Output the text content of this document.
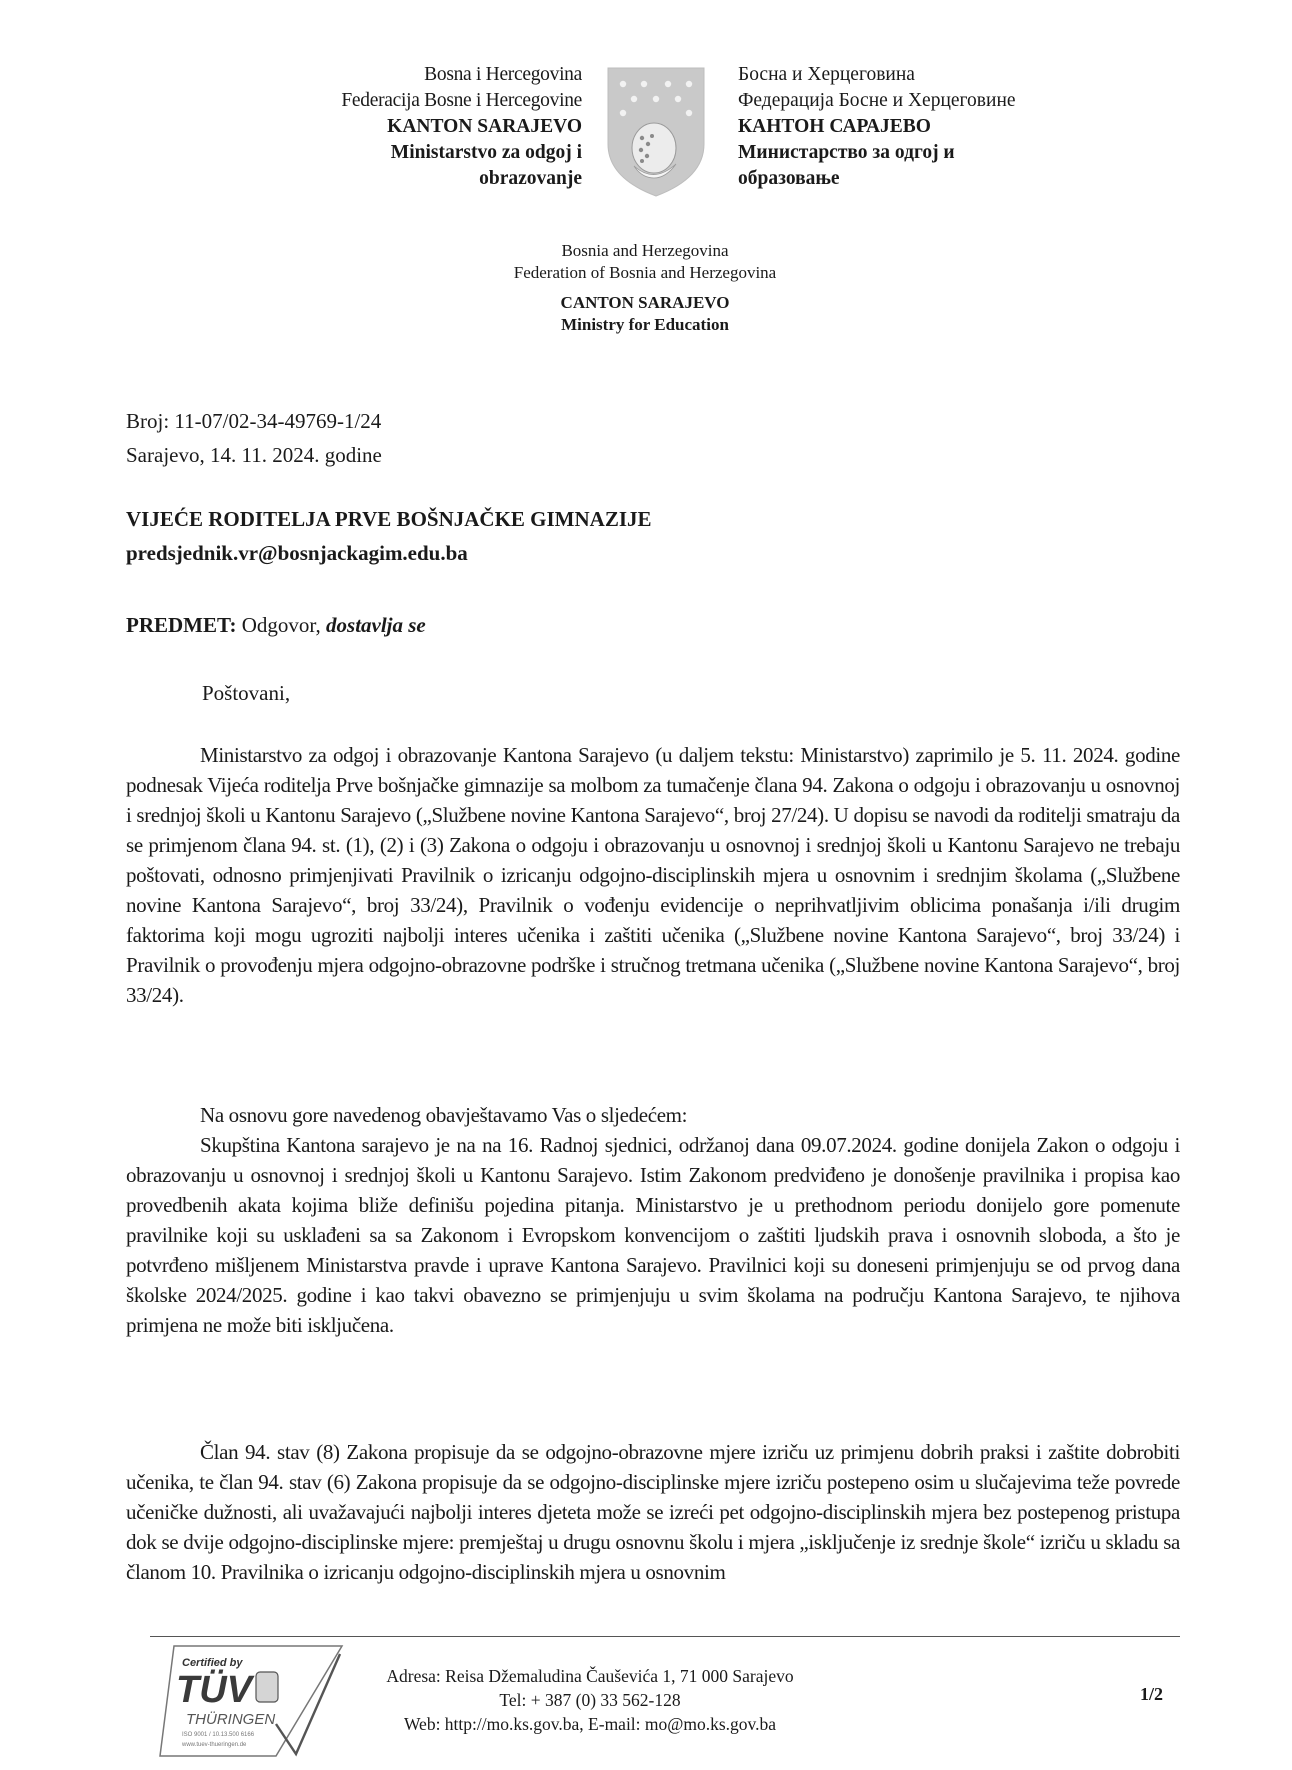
Bosna i Hercegovina
Federacija Bosne i Hercegovine
KANTON SARAJEVO
Ministarstvo za odgoj i
obrazovanje
Босна и Херцеговина
Федерација Босне и Херцеговине
КАНТОН САРАЈЕВО
Министарство за одгој и
образовање
Bosnia and Herzegovina
Federation of Bosnia and Herzegovina
CANTON SARAJEVO
Ministry for Education
Broj: 11-07/02-34-49769-1/24
Sarajevo, 14. 11. 2024. godine
VIJEĆE RODITELJA PRVE BOŠNJAČKE GIMNAZIJE
predsjednik.vr@bosnjackagim.edu.ba
PREDMET: Odgovor, dostavlja se
Poštovani,

Ministarstvo za odgoj i obrazovanje Kantona Sarajevo (u daljem tekstu: Ministarstvo) zaprimilo je 5. 11. 2024. godine podnesak Vijeća roditelja Prve bošnjačke gimnazije sa molbom za tumačenje člana 94. Zakona o odgoju i obrazovanju u osnovnoj i srednjoj školi u Kantonu Sarajevo („Službene novine Kantona Sarajevo“, broj 27/24). U dopisu se navodi da roditelji smatraju da se primjenom člana 94. st. (1), (2) i (3) Zakona o odgoju i obrazovanju u osnovnoj i srednjoj školi u Kantonu Sarajevo ne trebaju poštovati, odnosno primjenjivati Pravilnik o izricanju odgojno-disciplinskih mjera u osnovnim i srednjim školama („Službene novine Kantona Sarajevo“, broj 33/24), Pravilnik o vođenju evidencije o neprihvatljivim oblicima ponašanja i/ili drugim faktorima koji mogu ugroziti najbolji interes učenika i zaštiti učenika („Službene novine Kantona Sarajevo“, broj 33/24) i Pravilnik o provođenju mjera odgojno-obrazovne podrške i stručnog tretmana učenika („Službene novine Kantona Sarajevo“, broj 33/24).

Na osnovu gore navedenog obavještavamo Vas o sljedećem:

Skupština Kantona sarajevo je na na 16. Radnoj sjednici, održanoj dana 09.07.2024. godine donijela Zakon o odgoju i obrazovanju u osnovnoj i srednjoj školi u Kantonu Sarajevo. Istim Zakonom predviđeno je donošenje pravilnika i propisa kao provedbenih akata kojima bliže definišu pojedina pitanja. Ministarstvo je u prethodnom periodu donijelo gore pomenute pravilnike koji su usklađeni sa sa Zakonom i Evropskom konvencijom o zaštiti ljudskih prava i osnovnih sloboda, a što je potvrđeno mišljenem Ministarstva pravde i uprave Kantona Sarajevo. Pravilnici koji su doneseni primjenjuju se od prvog dana školske 2024/2025. godine i kao takvi obavezno se primjenjuju u svim školama na području Kantona Sarajevo, te njihova primjena ne može biti isključena.

Član 94. stav (8) Zakona propisuje da se odgojno-obrazovne mjere izriču uz primjenu dobrih praksi i zaštite dobrobiti učenika, te član 94. stav (6) Zakona propisuje da se odgojno-disciplinske mjere izriču postepeno osim u slučajevima teže povrede učeničke dužnosti, ali uvažavajući najbolji interes djeteta može se izreći pet odgojno-disciplinskih mjera bez postepenog pristupa dok se dvije odgojno-disciplinske mjere: premještaj u drugu osnovnu školu i mjera „isključenje iz srednje škole“ izriču u skladu sa članom 10. Pravilnika o izricanju odgojno-disciplinskih mjera u osnovnim

Certified by
TÜV
THÜRINGEN
ISO 9001 / 10.13.500 6166
www.tuev-thueringen.de
Adresa: Reisa Džemaludina Čauševića 1, 71 000 Sarajevo
Tel: + 387 (0) 33 562-128
Web: http://mo.ks.gov.ba, E-mail: mo@mo.ks.gov.ba
1/2
